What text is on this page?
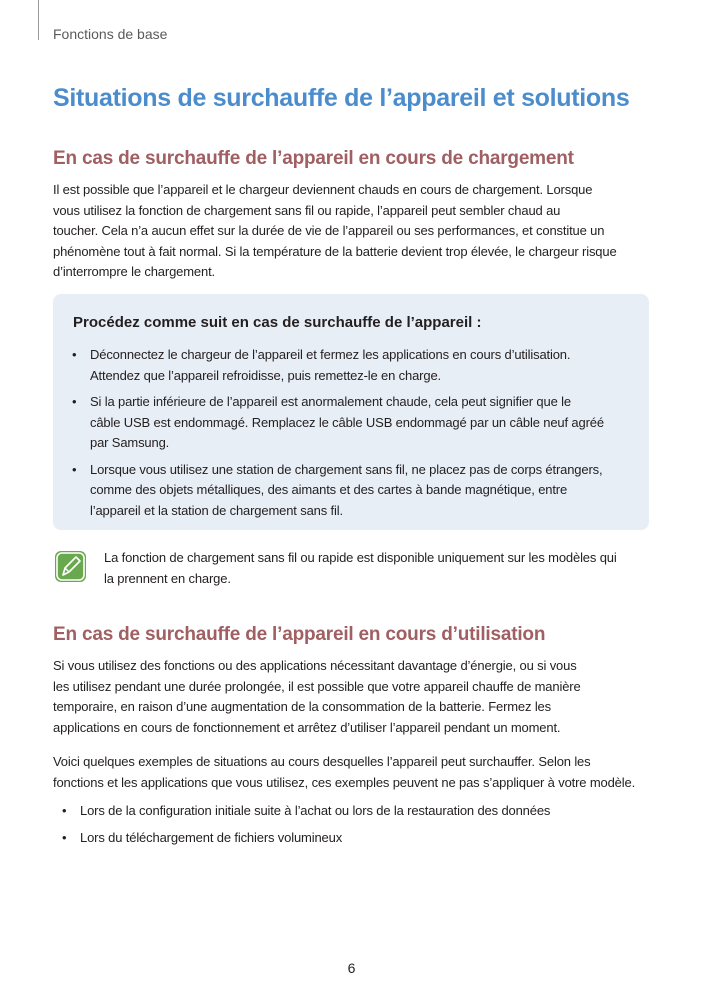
Fonctions de base
Situations de surchauffe de l’appareil et solutions
En cas de surchauffe de l’appareil en cours de chargement

Il est possible que l’appareil et le chargeur deviennent chauds en cours de chargement. Lorsque
vous utilisez la fonction de chargement sans fil ou rapide, l’appareil peut sembler chaud au
toucher. Cela n’a aucun effet sur la durée de vie de l’appareil ou ses performances, et constitue un
phénomène tout à fait normal. Si la température de la batterie devient trop élevée, le chargeur risque
d’interrompre le chargement.

Procédez comme suit en cas de surchauffe de l’appareil :
• Déconnectez le chargeur de l’appareil et fermez les applications en cours d’utilisation.
Attendez que l’appareil refroidisse, puis remettez-le en charge.
• Si la partie inférieure de l’appareil est anormalement chaude, cela peut signifier que le
câble USB est endommagé. Remplacez le câble USB endommagé par un câble neuf agréé
par Samsung.
• Lorsque vous utilisez une station de chargement sans fil, ne placez pas de corps étrangers,
comme des objets métalliques, des aimants et des cartes à bande magnétique, entre
l’appareil et la station de chargement sans fil.
La fonction de chargement sans fil ou rapide est disponible uniquement sur les modèles qui
la prennent en charge.
En cas de surchauffe de l’appareil en cours d’utilisation

Si vous utilisez des fonctions ou des applications nécessitant davantage d’énergie, ou si vous
les utilisez pendant une durée prolongée, il est possible que votre appareil chauffe de manière
temporaire, en raison d’une augmentation de la consommation de la batterie. Fermez les
applications en cours de fonctionnement et arrêtez d’utiliser l’appareil pendant un moment.

Voici quelques exemples de situations au cours desquelles l’appareil peut surchauffer. Selon les
fonctions et les applications que vous utilisez, ces exemples peuvent ne pas s’appliquer à votre modèle.

• Lors de la configuration initiale suite à l’achat ou lors de la restauration des données
• Lors du téléchargement de fichiers volumineux
6
